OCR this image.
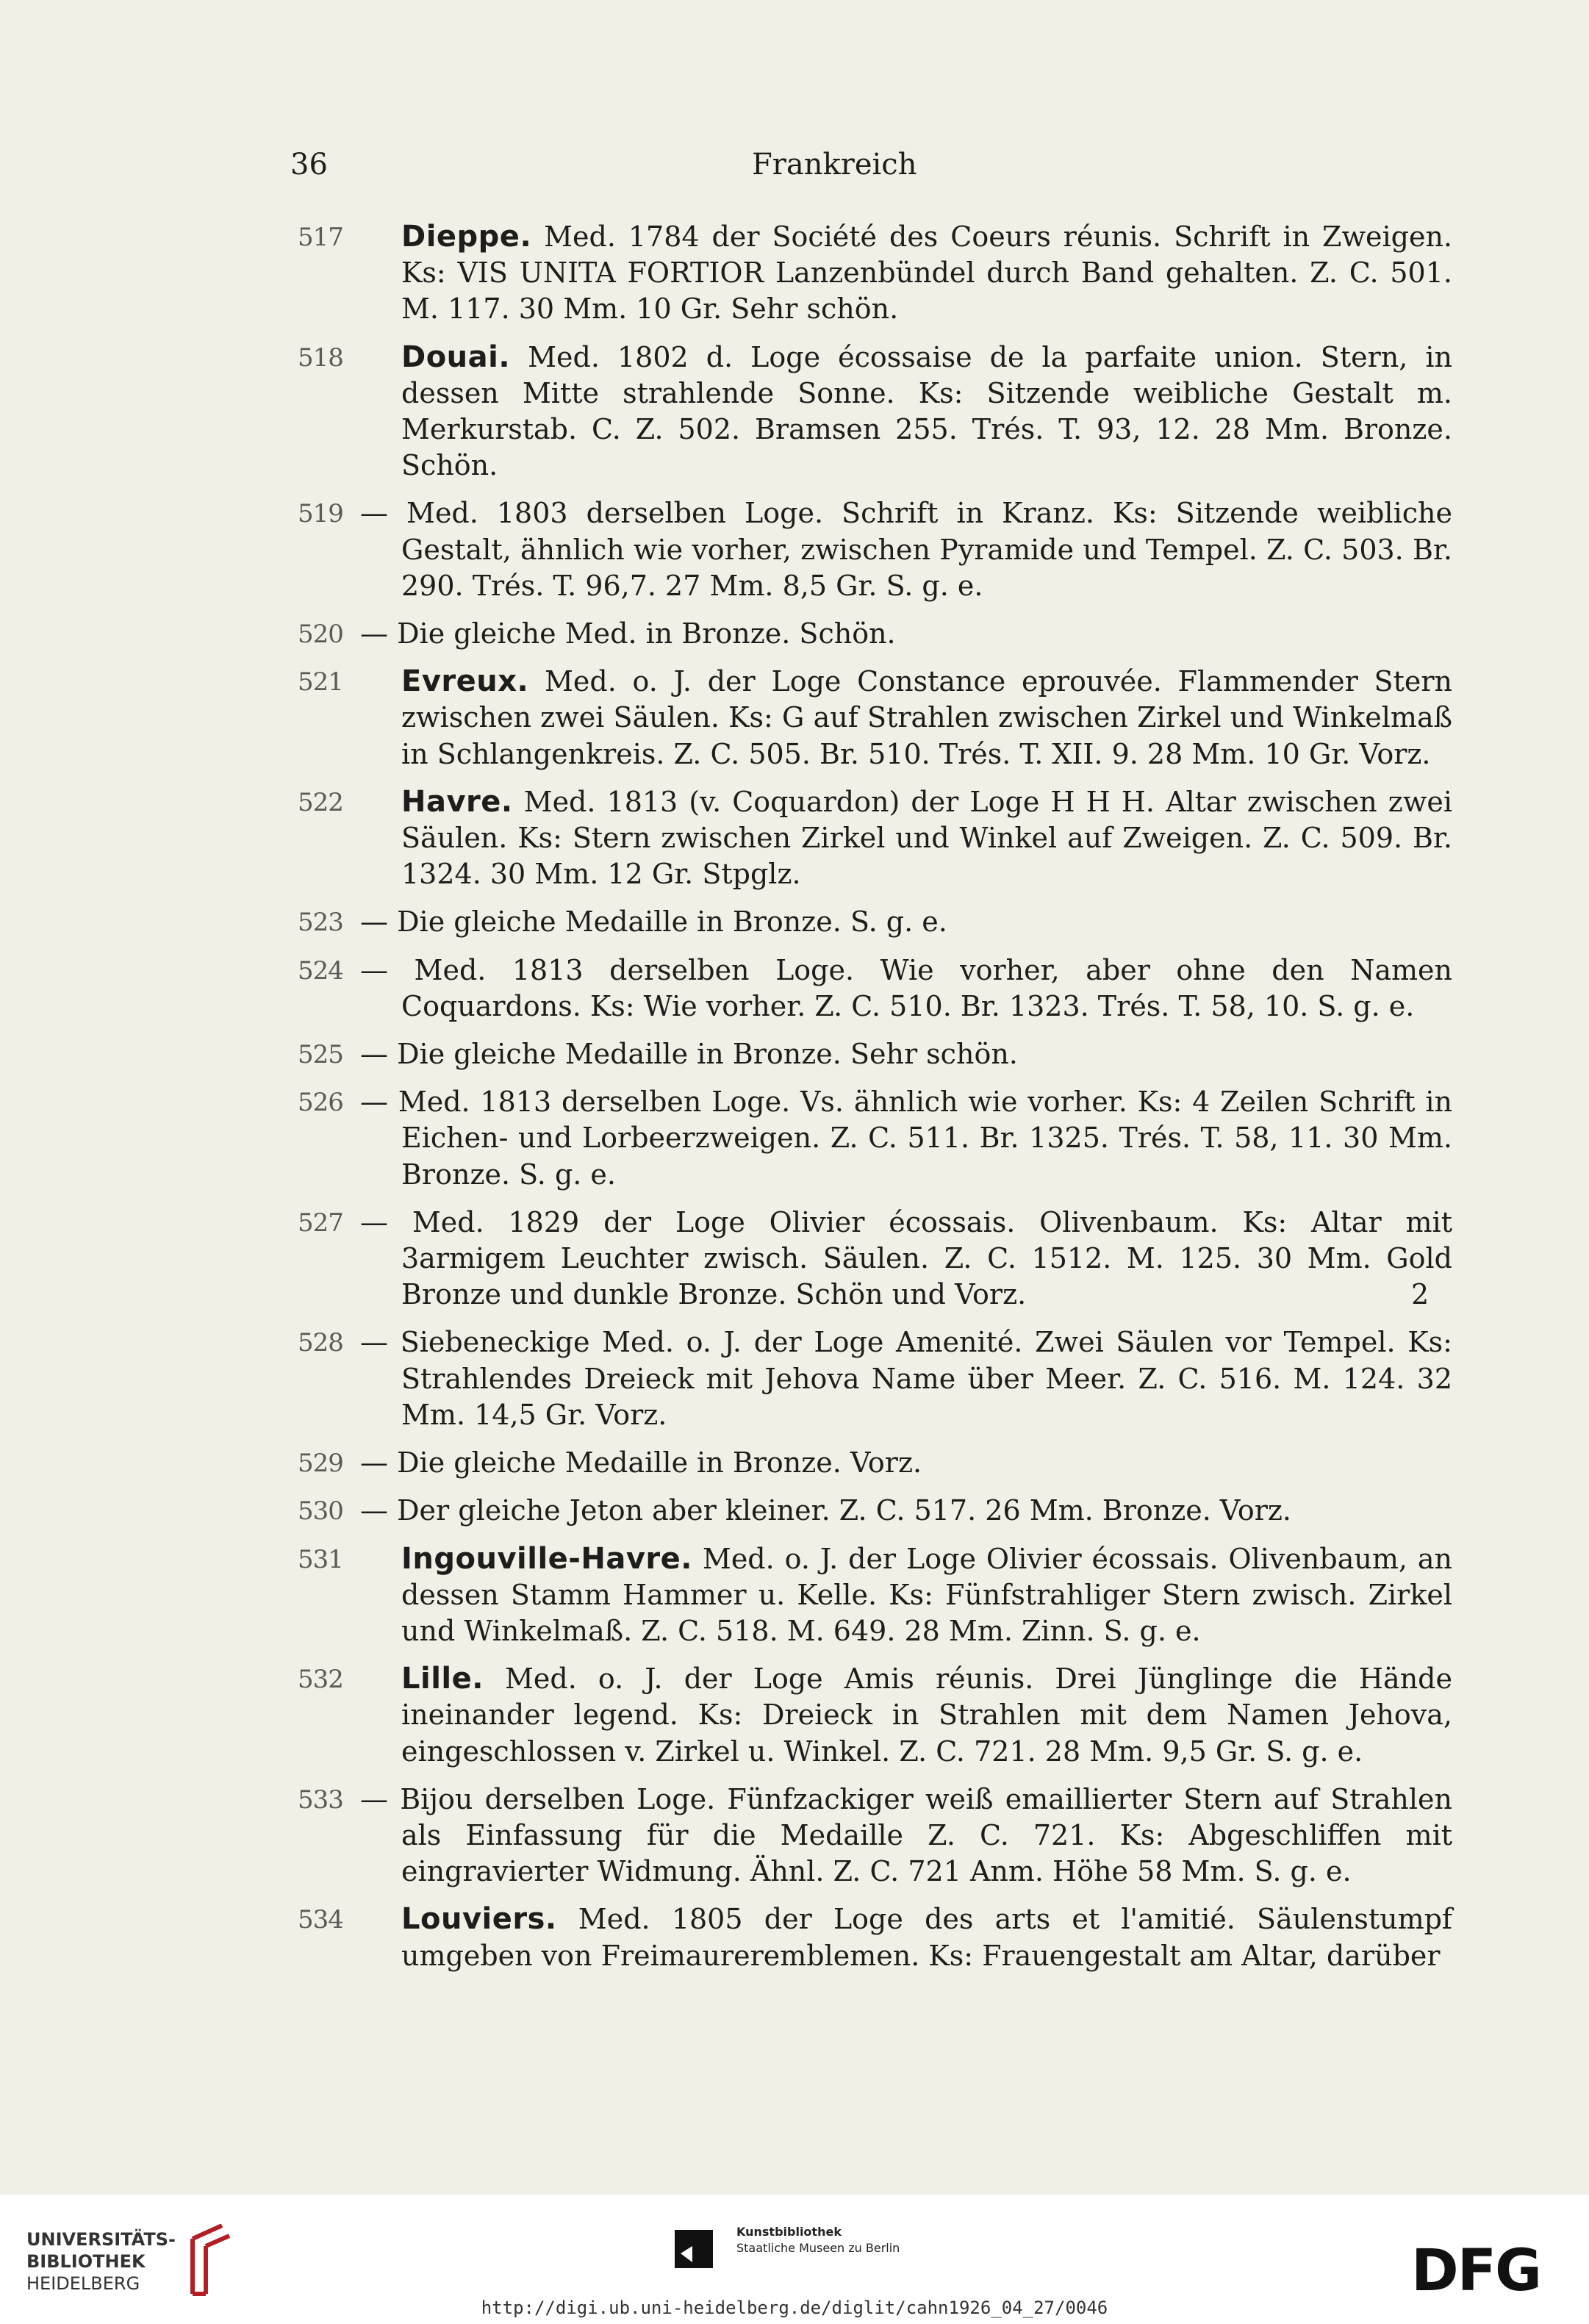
36	Frankreich
517 Dieppe. Med. 1784 der Société des Coeurs réunis. Schrift in Zweigen. Ks: VIS UNITA FORTIOR Lanzenbündel durch Band gehalten. Z. C. 501. M. 117. 30 Mm. 10 Gr. Sehr schön.
518 Douai. Med. 1802 d. Loge écossaise de la parfaite union. Stern, in dessen Mitte strahlende Sonne. Ks: Sitzende weibliche Gestalt m. Merkurstab. C. Z. 502. Bramsen 255. Trés. T. 93, 12. 28 Mm. Bronze. Schön.
519 — Med. 1803 derselben Loge. Schrift in Kranz. Ks: Sitzende weibliche Gestalt, ähnlich wie vorher, zwischen Pyramide und Tempel. Z. C. 503. Br. 290. Trés. T. 96,7. 27 Mm. 8,5 Gr. S. g. e.
520 — Die gleiche Med. in Bronze. Schön.
521 Evreux. Med. o. J. der Loge Constance eprouvée. Flammender Stern zwischen zwei Säulen. Ks: G auf Strahlen zwischen Zirkel und Winkelmaß in Schlangenkreis. Z. C. 505. Br. 510. Trés. T. XII. 9. 28 Mm. 10 Gr. Vorz.
522 Havre. Med. 1813 (v. Coquardon) der Loge H H H. Altar zwischen zwei Säulen. Ks: Stern zwischen Zirkel und Winkel auf Zweigen. Z. C. 509. Br. 1324. 30 Mm. 12 Gr. Stpglz.
523 — Die gleiche Medaille in Bronze. S. g. e.
524 — Med. 1813 derselben Loge. Wie vorher, aber ohne den Namen Coquardons. Ks: Wie vorher. Z. C. 510. Br. 1323. Trés. T. 58, 10. S. g. e.
525 — Die gleiche Medaille in Bronze. Sehr schön.
526 — Med. 1813 derselben Loge. Vs. ähnlich wie vorher. Ks: 4 Zeilen Schrift in Eichen- und Lorbeerzweigen. Z. C. 511. Br. 1325. Trés. T. 58, 11. 30 Mm. Bronze. S. g. e.
527 — Med. 1829 der Loge Olivier écossais. Olivenbaum. Ks: Altar mit 3armigem Leuchter zwisch. Säulen. Z. C. 1512. M. 125. 30 Mm. Gold Bronze und dunkle Bronze. Schön und Vorz.	2
528 — Siebeneckige Med. o. J. der Loge Amenité. Zwei Säulen vor Tempel. Ks: Strahlendes Dreieck mit Jehova Name über Meer. Z. C. 516. M. 124. 32 Mm. 14,5 Gr. Vorz.
529 — Die gleiche Medaille in Bronze. Vorz.
530 — Der gleiche Jeton aber kleiner. Z. C. 517. 26 Mm. Bronze. Vorz.
531 Ingouville-Havre. Med. o. J. der Loge Olivier écossais. Olivenbaum, an dessen Stamm Hammer u. Kelle. Ks: Fünfstrahliger Stern zwisch. Zirkel und Winkelmaß. Z. C. 518. M. 649. 28 Mm. Zinn. S. g. e.
532 Lille. Med. o. J. der Loge Amis réunis. Drei Jünglinge die Hände ineinander legend. Ks: Dreieck in Strahlen mit dem Namen Jehova, eingeschlossen v. Zirkel u. Winkel. Z. C. 721. 28 Mm. 9,5 Gr. S. g. e.
533 — Bijou derselben Loge. Fünfzackiger weiß emaillierter Stern auf Strahlen als Einfassung für die Medaille Z. C. 721. Ks: Abgeschliffen mit eingravierter Widmung. Ähnl. Z. C. 721 Anm. Höhe 58 Mm. S. g. e.
534 Louviers. Med. 1805 der Loge des arts et l'amitié. Säulenstumpf umgeben von Freimaureremblemen. Ks: Frauengestalt am Altar, darüber
UNIVERSITÄTS-
BIBLIOTHEK
HEIDELBERG
Kunstbibliothek
Staatliche Museen zu Berlin	DFG
http://digi.ub.uni-heidelberg.de/diglit/cahn1926_04_27/0046
